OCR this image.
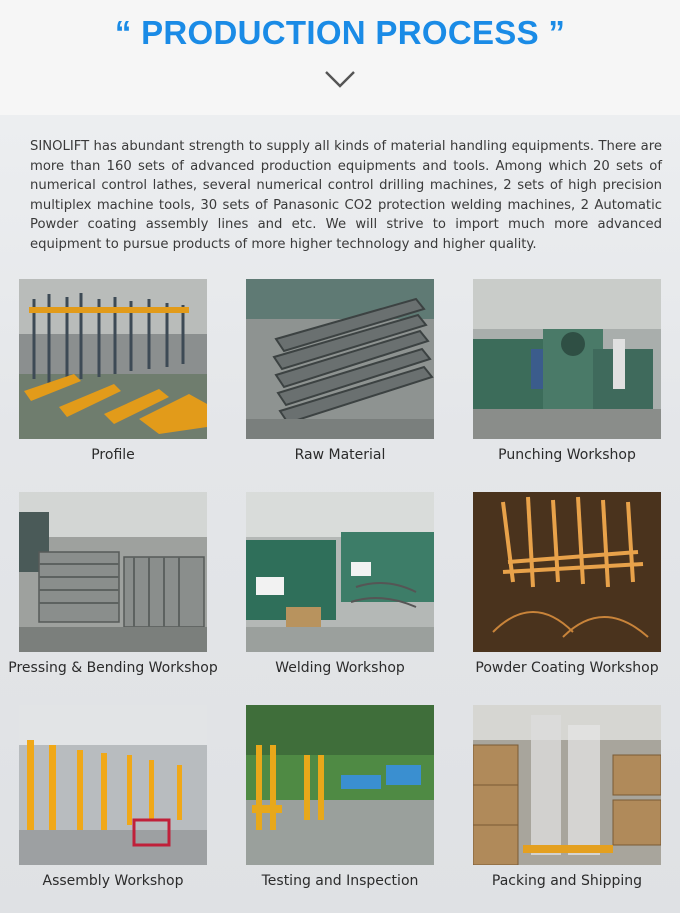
“ PRODUCTION PROCESS ”
SINOLIFT has abundant strength to supply all kinds of material handling equipments. There are more than 160 sets of advanced production equipments and tools. Among which 20 sets of numerical control lathes, several numerical control drilling machines, 2 sets of high precision multiplex machine tools, 30 sets of Panasonic CO2 protection welding machines, 2 Automatic Powder coating assembly lines and etc. We will strive to import much more advanced equipment to pursue products of more higher technology and higher quality.
Profile	Raw Material	Punching Workshop
Pressing & Bending Workshop	Welding Workshop	Powder Coating Workshop
Assembly Workshop	Testing and Inspection	Packing and Shipping
